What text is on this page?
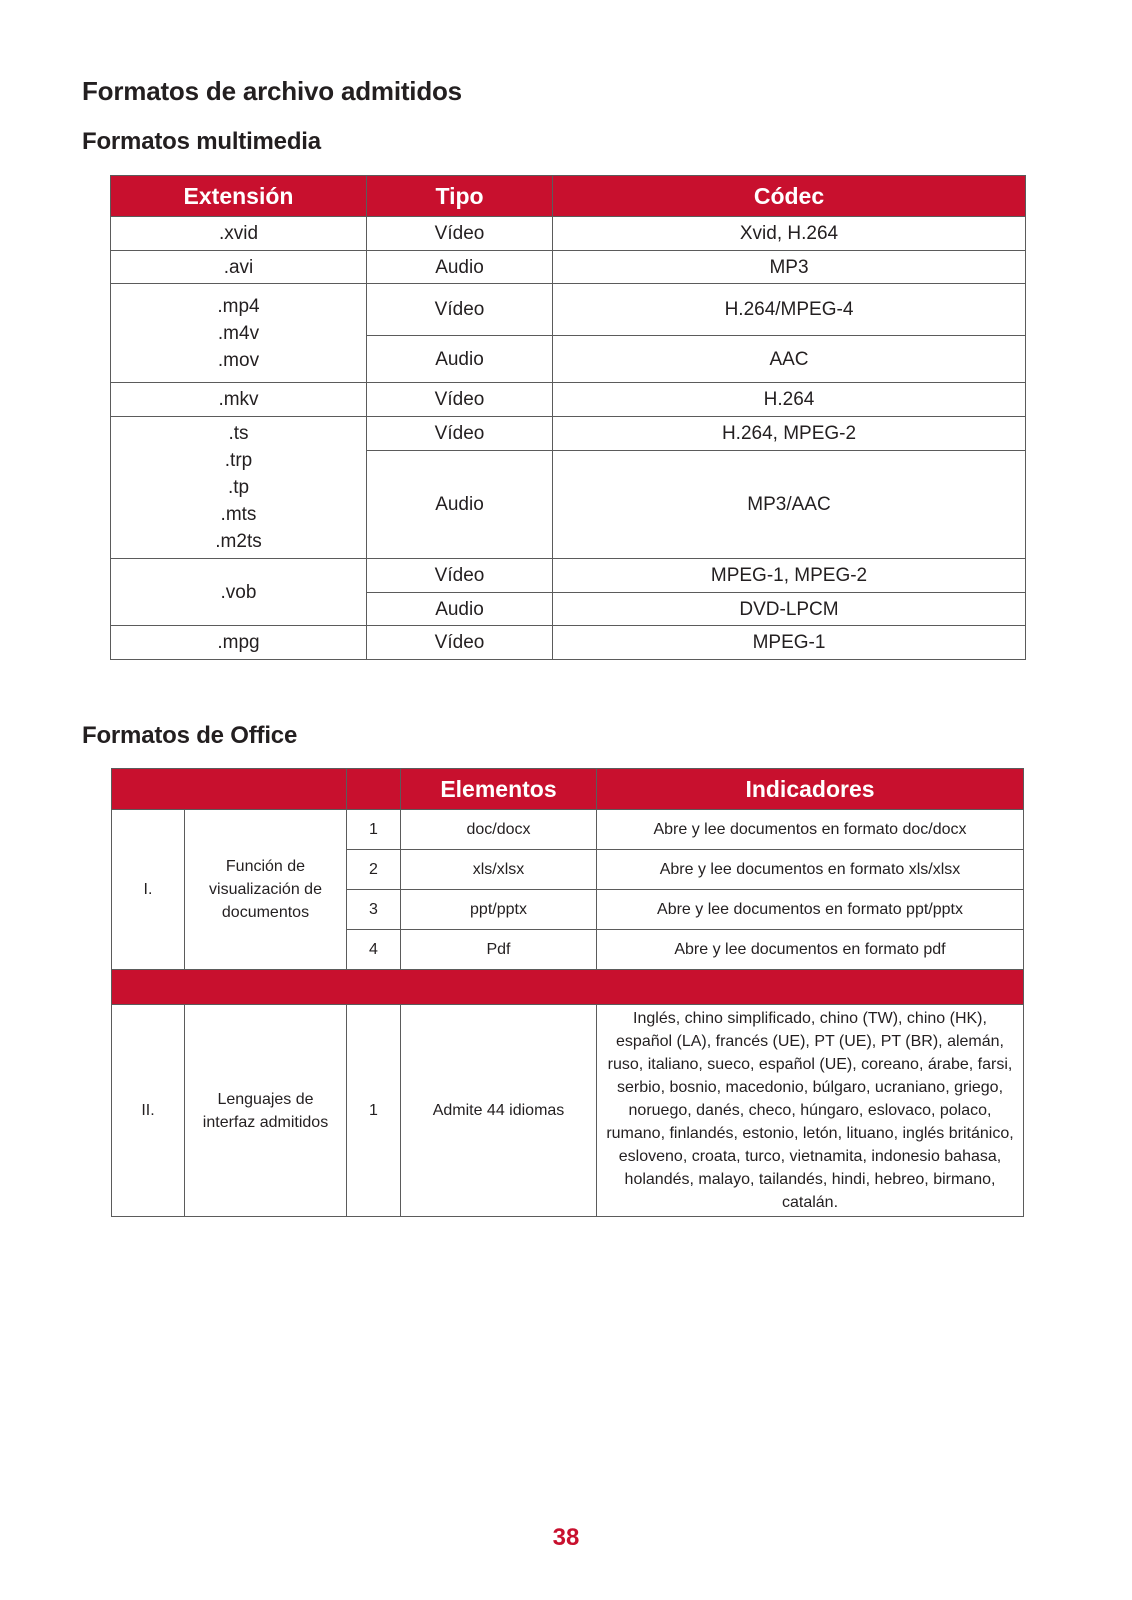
Formatos de archivo admitidos
Formatos multimedia
Extensión	Tipo	Códec
.xvid	Vídeo	Xvid, H.264
.avi	Audio	MP3
.mp4
.m4v
.mov	Vídeo	H.264/MPEG-4
	Audio	AAC
.mkv	Vídeo	H.264
.ts
.trp
.tp
.mts
.m2ts	Vídeo	H.264, MPEG-2
	Audio	MP3/AAC
.vob	Vídeo	MPEG-1, MPEG-2
	Audio	DVD-LPCM
.mpg	Vídeo	MPEG-1
Formatos de Office
			Elementos	Indicadores
I.	Función de visualización de documentos	1	doc/docx	Abre y lee documentos en formato doc/docx
		2	xls/xlsx	Abre y lee documentos en formato xls/xlsx
		3	ppt/pptx	Abre y lee documentos en formato ppt/pptx
		4	Pdf	Abre y lee documentos en formato pdf

II.	Lenguajes de interfaz admitidos	1	Admite 44 idiomas	Inglés, chino simplificado, chino (TW), chino (HK), español (LA), francés (UE), PT (UE), PT (BR), alemán, ruso, italiano, sueco, español (UE), coreano, árabe, farsi, serbio, bosnio, macedonio, búlgaro, ucraniano, griego, noruego, danés, checo, húngaro, eslovaco, polaco, rumano, finlandés, estonio, letón, lituano, inglés británico, esloveno, croata, turco, vietnamita, indonesio bahasa, holandés, malayo, tailandés, hindi, hebreo, birmano, catalán.
38
